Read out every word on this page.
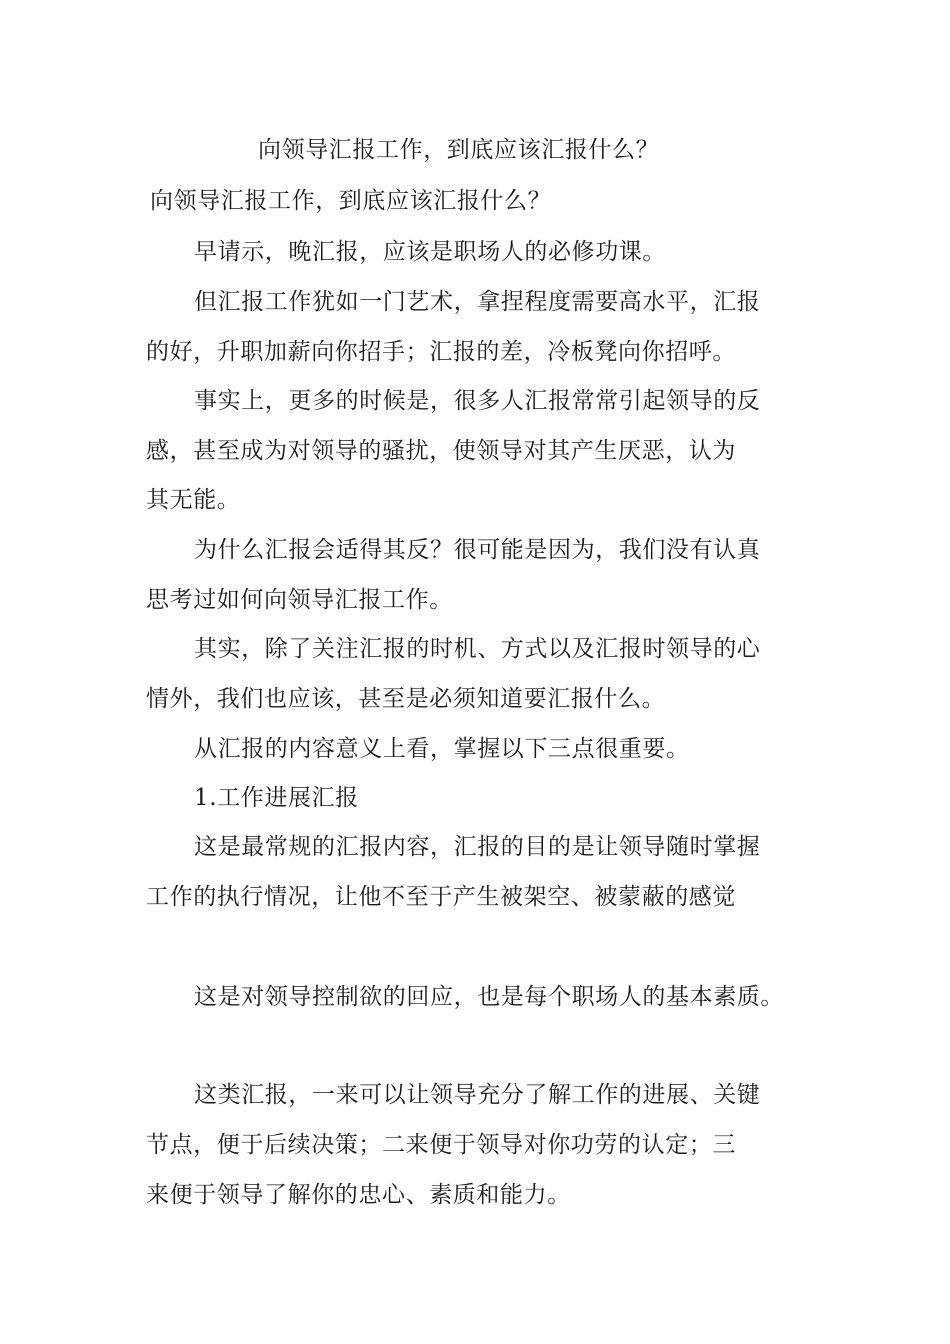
向领导汇报工作，到底应该汇报什么？
向领导汇报工作，到底应该汇报什么？
早请示，晚汇报，应该是职场人的必修功课。
但汇报工作犹如一门艺术，拿捏程度需要高水平，汇报
的好，升职加薪向你招手；汇报的差，冷板凳向你招呼。
事实上，更多的时候是，很多人汇报常常引起领导的反
感，甚至成为对领导的骚扰，使领导对其产生厌恶，认为
其无能。
为什么汇报会适得其反？很可能是因为，我们没有认真
思考过如何向领导汇报工作。
其实，除了关注汇报的时机、方式以及汇报时领导的心
情外，我们也应该，甚至是必须知道要汇报什么。
从汇报的内容意义上看，掌握以下三点很重要。
1.工作进展汇报
这是最常规的汇报内容，汇报的目的是让领导随时掌握
工作的执行情况，让他不至于产生被架空、被蒙蔽的感觉
这是对领导控制欲的回应，也是每个职场人的基本素质。
这类汇报，一来可以让领导充分了解工作的进展、关键
节点，便于后续决策；二来便于领导对你功劳的认定；三
来便于领导了解你的忠心、素质和能力。
